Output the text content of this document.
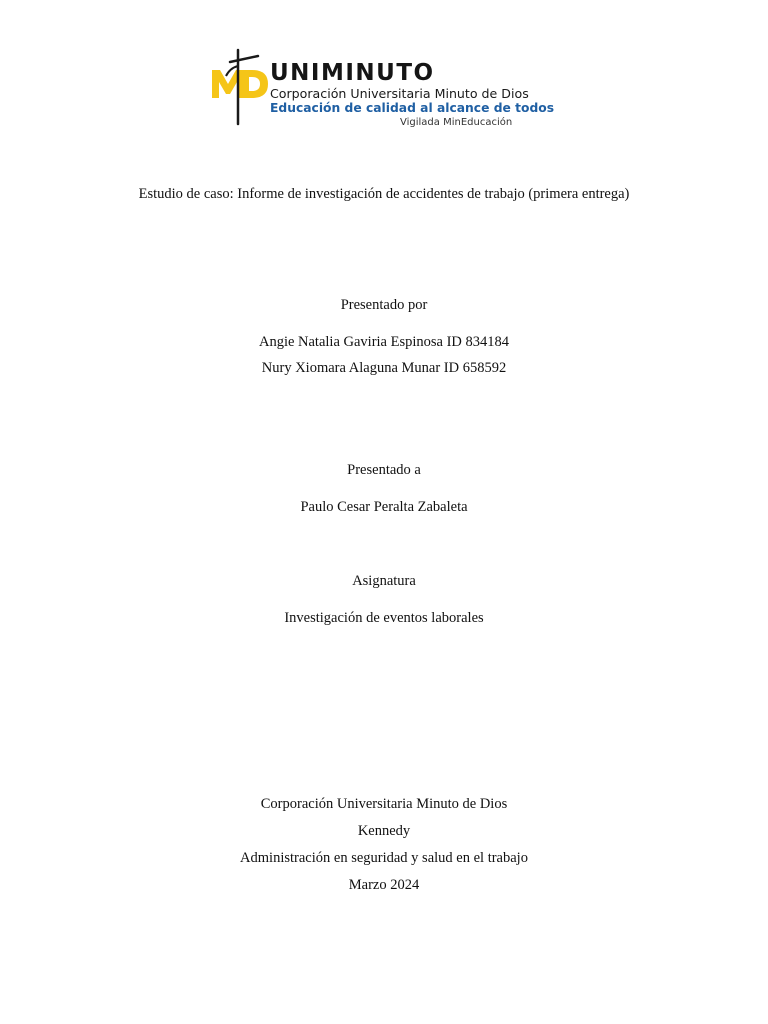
UNIMINUTO
Corporación Universitaria Minuto de Dios
Educación de calidad al alcance de todos
Vigilada MinEducación
Estudio de caso: Informe de investigación de accidentes de trabajo (primera entrega)
Presentado por
Angie Natalia Gaviria Espinosa ID 834184
Nury Xiomara Alaguna Munar ID 658592
Presentado a
Paulo Cesar Peralta Zabaleta
Asignatura
Investigación de eventos laborales
Corporación Universitaria Minuto de Dios
Kennedy
Administración en seguridad y salud en el trabajo
Marzo 2024
